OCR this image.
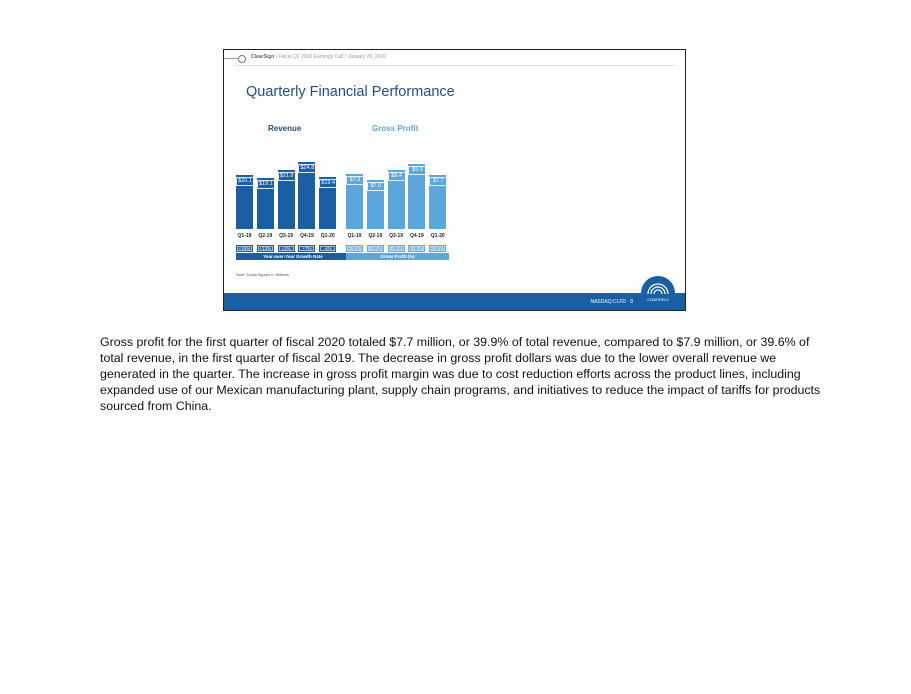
ClearSign / Fiscal Q1 2020 Earnings Call / January 29, 2020
Quarterly Financial Performance
Revenue	Gross Profit
$20.1
Q1-19
+19%
$19.1
Q2-19
+13%
$21.9
Q3-19
+2%
$24.8
Q4-19
+7%
$19.4
Q1-20
-4%
$7.9
Q1-19
39.6%
$7.0
Q2-19
36.8%
$8.4
Q3-19
38.4%
$9.3
Q4-19
38.8%
$7.7
Q1-20
39.9%
Year-over-Year Growth Rate	Gross Profit (%)
Note: Dollar figures in Millions
NASDAQ:CLFD 8	CLEARFIELD

Gross profit for the first quarter of fiscal 2020 totaled $7.7 million, or 39.9% of total revenue, compared to $7.9 million, or 39.6% of total revenue, in the first quarter of fiscal 2019. The decrease in gross profit dollars was due to the lower overall revenue we generated in the quarter. The increase in gross profit margin was due to cost reduction efforts across the product lines, including expanded use of our Mexican manufacturing plant, supply chain programs, and initiatives to reduce the impact of tariffs for products sourced from China.
